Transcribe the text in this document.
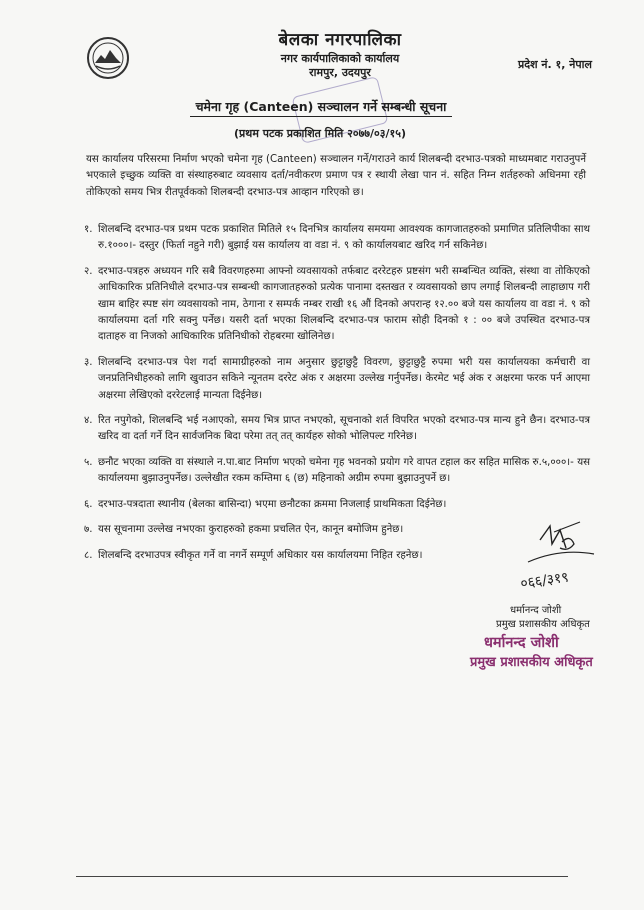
बेलका नगरपालिका
नगर कार्यपालिकाको कार्यालय
रामपुर, उदयपुर
प्रदेश नं. १, नेपाल
चमेना गृह (Canteen) सञ्चालन गर्ने सम्बन्धी सूचना
(प्रथम पटक प्रकाशित मिति २०७७/०३/१५)
यस कार्यालय परिसरमा निर्माण भएको चमेना गृह (Canteen) सञ्चालन गर्ने/गराउने कार्य शिलबन्दी दरभाउ-पत्रको माध्यमबाट गराउनुपर्ने भएकाले इच्छुक व्यक्ति वा संस्थाहरुबाट व्यवसाय दर्ता/नवीकरण प्रमाण पत्र र स्थायी लेखा पान नं. सहित निम्न शर्तहरुको अधिनमा रही तोकिएको समय भित्र रीतपूर्वकको शिलबन्दी दरभाउ-पत्र आव्हान गरिएको छ।
१. शिलबन्दि दरभाउ-पत्र प्रथम पटक प्रकाशित मितिले १५ दिनभित्र कार्यालय समयमा आवश्यक कागजातहरुको प्रमाणित प्रतिलिपीका साथ रु.१०००।- दस्तुर (फिर्ता नहुने गरी) बुझाई यस कार्यालय वा वडा नं. ९ को कार्यालयबाट खरिद गर्न सकिनेछ।
२. दरभाउ-पत्रहरु अध्ययन गरि सबै विवरणहरुमा आफ्नो व्यवसायको तर्फबाट दररेटहरु प्रष्टसंग भरी सम्बन्धित व्यक्ति, संस्था वा तोकिएको आधिकारिक प्रतिनिधीले दरभाउ-पत्र सम्बन्धी कागजातहरुको प्रत्येक पानामा दस्तखत र व्यवसायको छाप लगाई शिलबन्दी लाहाछाप गरी खाम बाहिर स्पष्ट संग व्यवसायको नाम, ठेगाना र सम्पर्क नम्बर राखी १६ औं दिनको अपरान्ह १२.०० बजे यस कार्यालय वा वडा नं. ९ को कार्यालयमा दर्ता गरि सक्नु पर्नेछ। यसरी दर्ता भएका शिलबन्दि दरभाउ-पत्र फाराम सोही दिनको १ : ०० बजे उपस्थित दरभाउ-पत्र दाताहरु वा निजको आधिकारिक प्रतिनिधीको रोहबरमा खोलिनेछ।
३. शिलबन्दि दरभाउ-पत्र पेश गर्दा सामाग्रीहरुको नाम अनुसार छुट्टाछुट्टै विवरण, छुट्टाछुट्टै रुपमा भरी यस कार्यालयका कर्मचारी वा जनप्रतिनिधीहरुको लागि खुवाउन सकिने न्यूनतम दररेट अंक र अक्षरमा उल्लेख गर्नुपर्नेछ। केरमेट भई अंक र अक्षरमा फरक पर्न आएमा अक्षरमा लेखिएको दररेटलाई मान्यता दिईनेछ।
४. रित नपुगेको, शिलबन्दि भई नआएको, समय भित्र प्राप्त नभएको, सूचनाको शर्त विपरित भएको दरभाउ-पत्र मान्य हुने छैन। दरभाउ-पत्र खरिद वा दर्ता गर्ने दिन सार्वजनिक बिदा परेमा तत् तत् कार्यहरु सोको भोलिपल्ट गरिनेछ।
५. छनौट भएका व्यक्ति वा संस्थाले न.पा.बाट निर्माण भएको चमेना गृह भवनको प्रयोग गरे वापत टहाल कर सहित मासिक रु.५,०००।- यस कार्यालयमा बुझाउनुपर्नेछ। उल्लेखीत रकम कम्तिमा ६ (छ) महिनाको अग्रीम रुपमा बुझाउनुपर्ने छ।
६. दरभाउ-पत्रदाता स्थानीय (बेलका बासिन्दा) भएमा छनौटका क्रममा निजलाई प्राथमिकता दिईनेछ।
७. यस सूचनामा उल्लेख नभएका कुराहरुको हकमा प्रचलित ऐन, कानून बमोजिम हुनेछ।
८. शिलबन्दि दरभाउपत्र स्वीकृत गर्ने वा नगर्ने सम्पूर्ण अधिकार यस कार्यालयमा निहित रहनेछ।
०६६/३१९
धर्मानन्द जोशी
प्रमुख प्रशासकीय अधिकृत
धर्मानन्द जोशी
प्रमुख प्रशासकीय अधिकृत
